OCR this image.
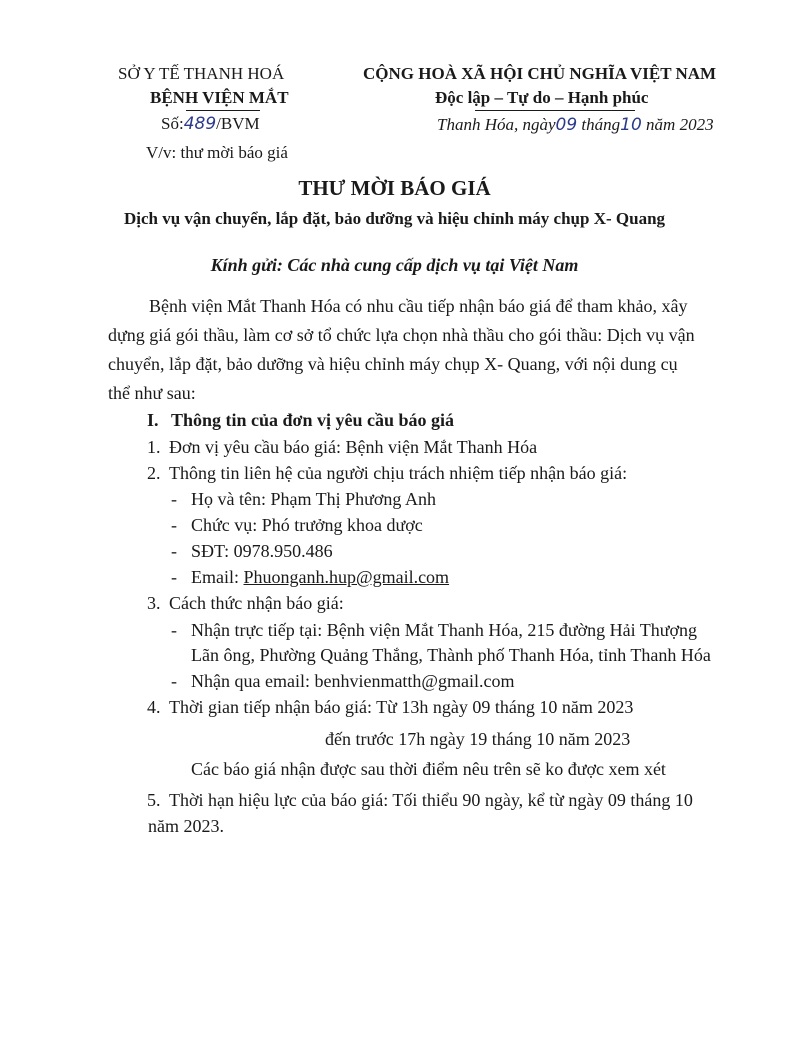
SỞ Y TẾ THANH HOÁ
BỆNH VIỆN MẮT
Số:489/BVM
V/v: thư mời báo giá
CỘNG HOÀ XÃ HỘI CHỦ NGHĨA VIỆT NAM
Độc lập – Tự do – Hạnh phúc
Thanh Hóa, ngày09 tháng10 năm 2023
THƯ MỜI BÁO GIÁ
Dịch vụ vận chuyển, lắp đặt, bảo dưỡng và hiệu chỉnh máy chụp X- Quang
Kính gửi: Các nhà cung cấp dịch vụ tại Việt Nam
Bệnh viện Mắt Thanh Hóa có nhu cầu tiếp nhận báo giá để tham khảo, xây
dựng giá gói thầu, làm cơ sở tổ chức lựa chọn nhà thầu cho gói thầu: Dịch vụ vận
chuyển, lắp đặt, bảo dưỡng và hiệu chỉnh máy chụp X- Quang, với nội dung cụ
thể như sau:
I. Thông tin của đơn vị yêu cầu báo giá
1. Đơn vị yêu cầu báo giá: Bệnh viện Mắt Thanh Hóa
2. Thông tin liên hệ của người chịu trách nhiệm tiếp nhận báo giá:
- Họ và tên: Phạm Thị Phương Anh
- Chức vụ: Phó trưởng khoa dược
- SĐT: 0978.950.486
- Email: Phuonganh.hup@gmail.com
3. Cách thức nhận báo giá:
- Nhận trực tiếp tại: Bệnh viện Mắt Thanh Hóa, 215 đường Hải Thượng
Lãn ông, Phường Quảng Thắng, Thành phố Thanh Hóa, tỉnh Thanh Hóa
- Nhận qua email: benhvienmatth@gmail.com
4. Thời gian tiếp nhận báo giá: Từ 13h ngày 09 tháng 10 năm 2023
đến trước 17h ngày 19 tháng 10 năm 2023
Các báo giá nhận được sau thời điểm nêu trên sẽ ko được xem xét
5. Thời hạn hiệu lực của báo giá: Tối thiểu 90 ngày, kể từ ngày 09 tháng 10
năm 2023.
